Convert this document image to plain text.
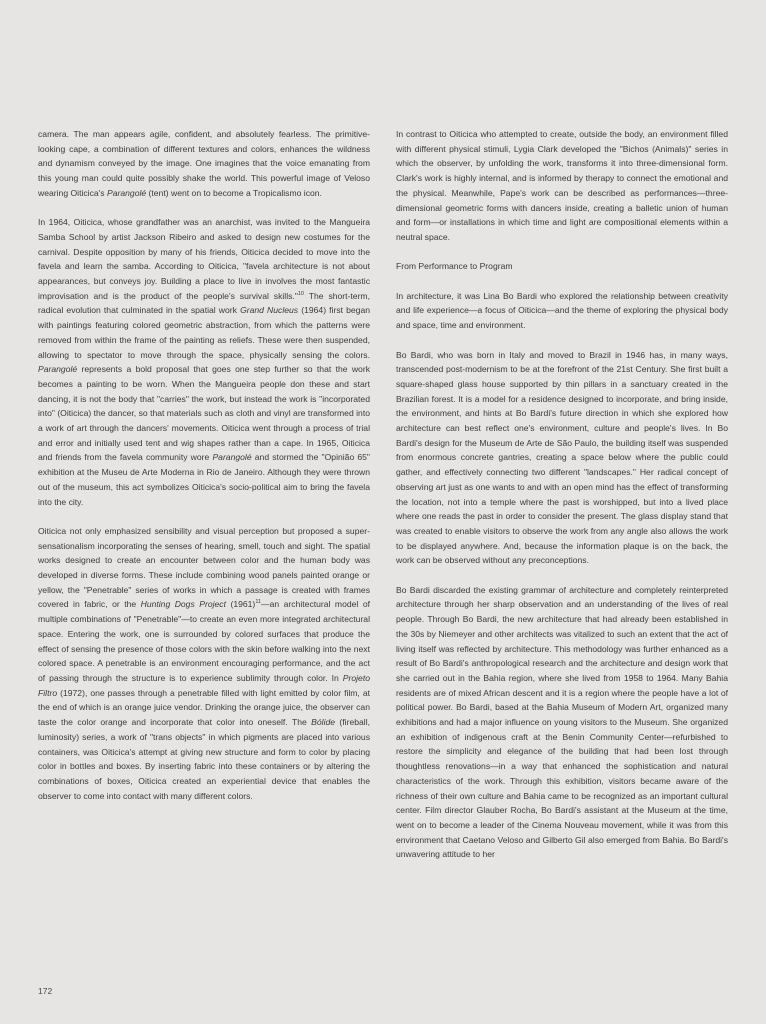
camera. The man appears agile, confident, and absolutely fearless. The primitive-looking cape, a combination of different textures and colors, enhances the wildness and dynamism conveyed by the image. One imagines that the voice emanating from this young man could quite possibly shake the world. This powerful image of Veloso wearing Oiticica's Parangolé (tent) went on to become a Tropicalismo icon.

In 1964, Oiticica, whose grandfather was an anarchist, was invited to the Mangueira Samba School by artist Jackson Ribeiro and asked to design new costumes for the carnival. Despite opposition by many of his friends, Oiticica decided to move into the favela and learn the samba. According to Oiticica, "favela architecture is not about appearances, but conveys joy. Building a place to live in involves the most fantastic improvisation and is the product of the people's survival skills."$^{10}$ The short-term, radical evolution that culminated in the spatial work Grand Nucleus (1964) first began with paintings featuring colored geometric abstraction, from which the patterns were removed from within the frame of the painting as reliefs. These were then suspended, allowing to spectator to move through the space, physically sensing the colors. Parangolé represents a bold proposal that goes one step further so that the work becomes a painting to be worn. When the Mangueira people don these and start dancing, it is not the body that "carries" the work, but instead the work is "incorporated into" (Oiticica) the dancer, so that materials such as cloth and vinyl are transformed into a work of art through the dancers' movements. Oiticica went through a process of trial and error and initially used tent and wig shapes rather than a cape. In 1965, Oiticica and friends from the favela community wore Parangolé and stormed the "Opinião 65" exhibition at the Museu de Arte Moderna in Rio de Janeiro. Although they were thrown out of the museum, this act symbolizes Oiticica's socio-political aim to bring the favela into the city.

Oiticica not only emphasized sensibility and visual perception but proposed a super-sensationalism incorporating the senses of hearing, smell, touch and sight. The spatial works designed to create an encounter between color and the human body was developed in diverse forms. These include combining wood panels painted orange or yellow, the "Penetrable" series of works in which a passage is created with frames covered in fabric, or the Hunting Dogs Project $(1961)^{11}—an$ architectural model of multiple combinations of "Penetrable"—to create an even more integrated architectural space. Entering the work, one is surrounded by colored surfaces that produce the effect of sensing the presence of those colors with the skin before walking into the next colored space. A penetrable is an environment encouraging performance, and the act of passing through the structure is to experience sublimity through color. In Projeto Filtro (1972), one passes through a penetrable filled with light emitted by color film, at the end of which is an orange juice vendor. Drinking the orange juice, the observer can taste the color orange and incorporate that color into oneself. The Bólide (fireball, luminosity) series, a work of "trans objects" in which pigments are placed into various containers, was Oiticica's attempt at giving new structure and form to color by placing color in bottles and boxes. By inserting fabric into these containers or by altering the combinations of boxes, Oiticica created an experiential device that enables the observer to come into contact with many different colors.

In contrast to Oiticica who attempted to create, outside the body, an environment filled with different physical stimuli, Lygia Clark developed the "Bichos (Animals)" series in which the observer, by unfolding the work, transforms it into three-dimensional form. Clark's work is highly internal, and is informed by therapy to connect the emotional and the physical. Meanwhile, Pape's work can be described as performances—three-dimensional geometric forms with dancers inside, creating a balletic union of human and form—or installations in which time and light are compositional elements within a neutral space.

From Performance to Program

In architecture, it was Lina Bo Bardi who explored the relationship between creativity and life experience—a focus of Oiticica—and the theme of exploring the physical body and space, time and environment.

Bo Bardi, who was born in Italy and moved to Brazil in 1946 has, in many ways, transcended post-modernism to be at the forefront of the 21st Century. She first built a square-shaped glass house supported by thin pillars in a sanctuary created in the Brazilian forest. It is a model for a residence designed to incorporate, and bring inside, the environment, and hints at Bo Bardi's future direction in which she explored how architecture can best reflect one's environment, culture and people's lives. In Bo Bardi's design for the Museum de Arte de São Paulo, the building itself was suspended from enormous concrete gantries, creating a space below where the public could gather, and effectively connecting two different "landscapes." Her radical concept of observing art just as one wants to and with an open mind has the effect of transforming the location, not into a temple where the past is worshipped, but into a lived place where one reads the past in order to consider the present. The glass display stand that was created to enable visitors to observe the work from any angle also allows the work to be displayed anywhere. And, because the information plaque is on the back, the work can be observed without any preconceptions.

Bo Bardi discarded the existing grammar of architecture and completely reinterpreted architecture through her sharp observation and an understanding of the lives of real people. Through Bo Bardi, the new architecture that had already been established in the 30s by Niemeyer and other architects was vitalized to such an extent that the act of living itself was reflected by architecture. This methodology was further enhanced as a result of Bo Bardi's anthropological research and the architecture and design work that she carried out in the Bahia region, where she lived from 1958 to 1964. Many Bahia residents are of mixed African descent and it is a region where the people have a lot of political power. Bo Bardi, based at the Bahia Museum of Modern Art, organized many exhibitions and had a major influence on young visitors to the Museum. She organized an exhibition of indigenous craft at the Benin Community Center—refurbished to restore the simplicity and elegance of the building that had been lost through thoughtless renovations—in a way that enhanced the sophistication and natural characteristics of the work. Through this exhibition, visitors became aware of the richness of their own culture and Bahia came to be recognized as an important cultural center. Film director Glauber Rocha, Bo Bardi's assistant at the Museum at the time, went on to become a leader of the Cinema Nouveau movement, while it was from this environment that Caetano Veloso and Gilberto Gil also emerged from Bahia. Bo Bardi's unwavering attitude to her

172
